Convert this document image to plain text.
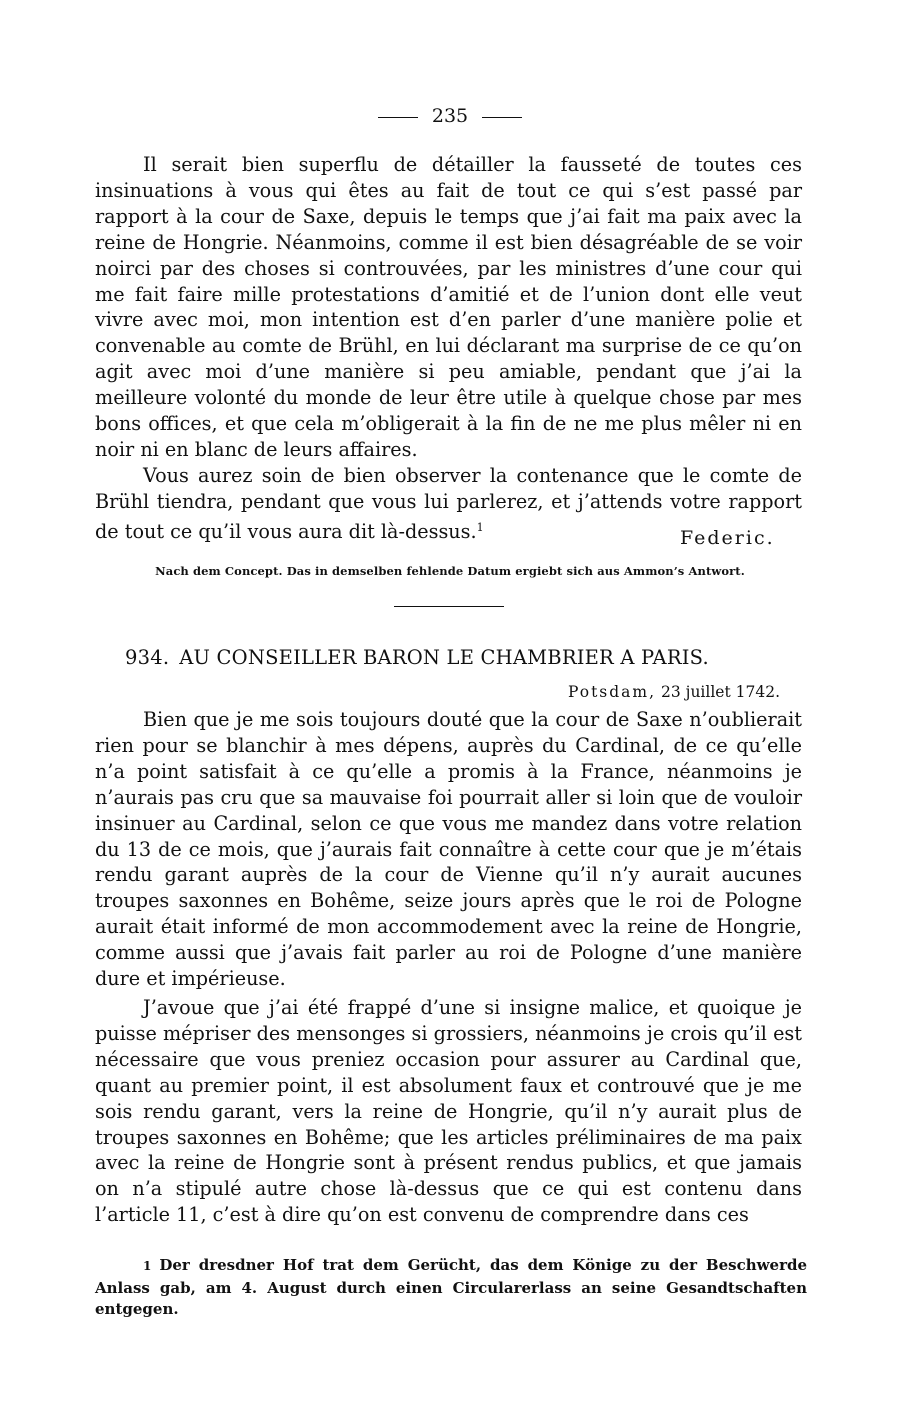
235

Il serait bien superflu de détailler la fausseté de toutes ces insinuations à vous qui êtes au fait de tout ce qui s’est passé par rapport à la cour de Saxe, depuis le temps que j’ai fait ma paix avec la reine de Hongrie. Néanmoins, comme il est bien désagréable de se voir noirci par des choses si controuvées, par les ministres d’une cour qui me fait faire mille protestations d’amitié et de l’union dont elle veut vivre avec moi, mon intention est d’en parler d’une manière polie et convenable au comte de Brühl, en lui déclarant ma surprise de ce qu’on agit avec moi d’une manière si peu amiable, pendant que j’ai la meilleure volonté du monde de leur être utile à quelque chose par mes bons offices, et que cela m’obligerait à la fin de ne me plus mêler ni en noir ni en blanc de leurs affaires.

Vous aurez soin de bien observer la contenance que le comte de Brühl tiendra, pendant que vous lui parlerez, et j’attends votre rapport de tout ce qu’il vous aura dit là-dessus.$^1$	Federic.
Nach dem Concept. Das in demselben fehlende Datum ergiebt sich aus Ammon’s Antwort.
934. AU CONSEILLER BARON LE CHAMBRIER A PARIS.
Potsdam, 23 juillet 1742.

Bien que je me sois toujours douté que la cour de Saxe n’oublierait rien pour se blanchir à mes dépens, auprès du Cardinal, de ce qu’elle n’a point satisfait à ce qu’elle a promis à la France, néanmoins je n’aurais pas cru que sa mauvaise foi pourrait aller si loin que de vouloir insinuer au Cardinal, selon ce que vous me mandez dans votre relation du 13 de ce mois, que j’aurais fait connaître à cette cour que je m’étais rendu garant auprès de la cour de Vienne qu’il n’y aurait aucunes troupes saxonnes en Bohême, seize jours après que le roi de Pologne aurait était informé de mon accommodement avec la reine de Hongrie, comme aussi que j’avais fait parler au roi de Pologne d’une manière dure et impérieuse.

J’avoue que j’ai été frappé d’une si insigne malice, et quoique je puisse mépriser des mensonges si grossiers, néanmoins je crois qu’il est nécessaire que vous preniez occasion pour assurer au Cardinal que, quant au premier point, il est absolument faux et controuvé que je me sois rendu garant, vers la reine de Hongrie, qu’il n’y aurait plus de troupes saxonnes en Bohême; que les articles préliminaires de ma paix avec la reine de Hongrie sont à présent rendus publics, et que jamais on n’a stipulé autre chose là-dessus que ce qui est contenu dans l’article 11, c’est à dire qu’on est convenu de comprendre dans ces

1 Der dresdner Hof trat dem Gerücht, das dem Könige zu der Beschwerde Anlass gab, am 4. August durch einen Circularerlass an seine Gesandtschaften entgegen.
